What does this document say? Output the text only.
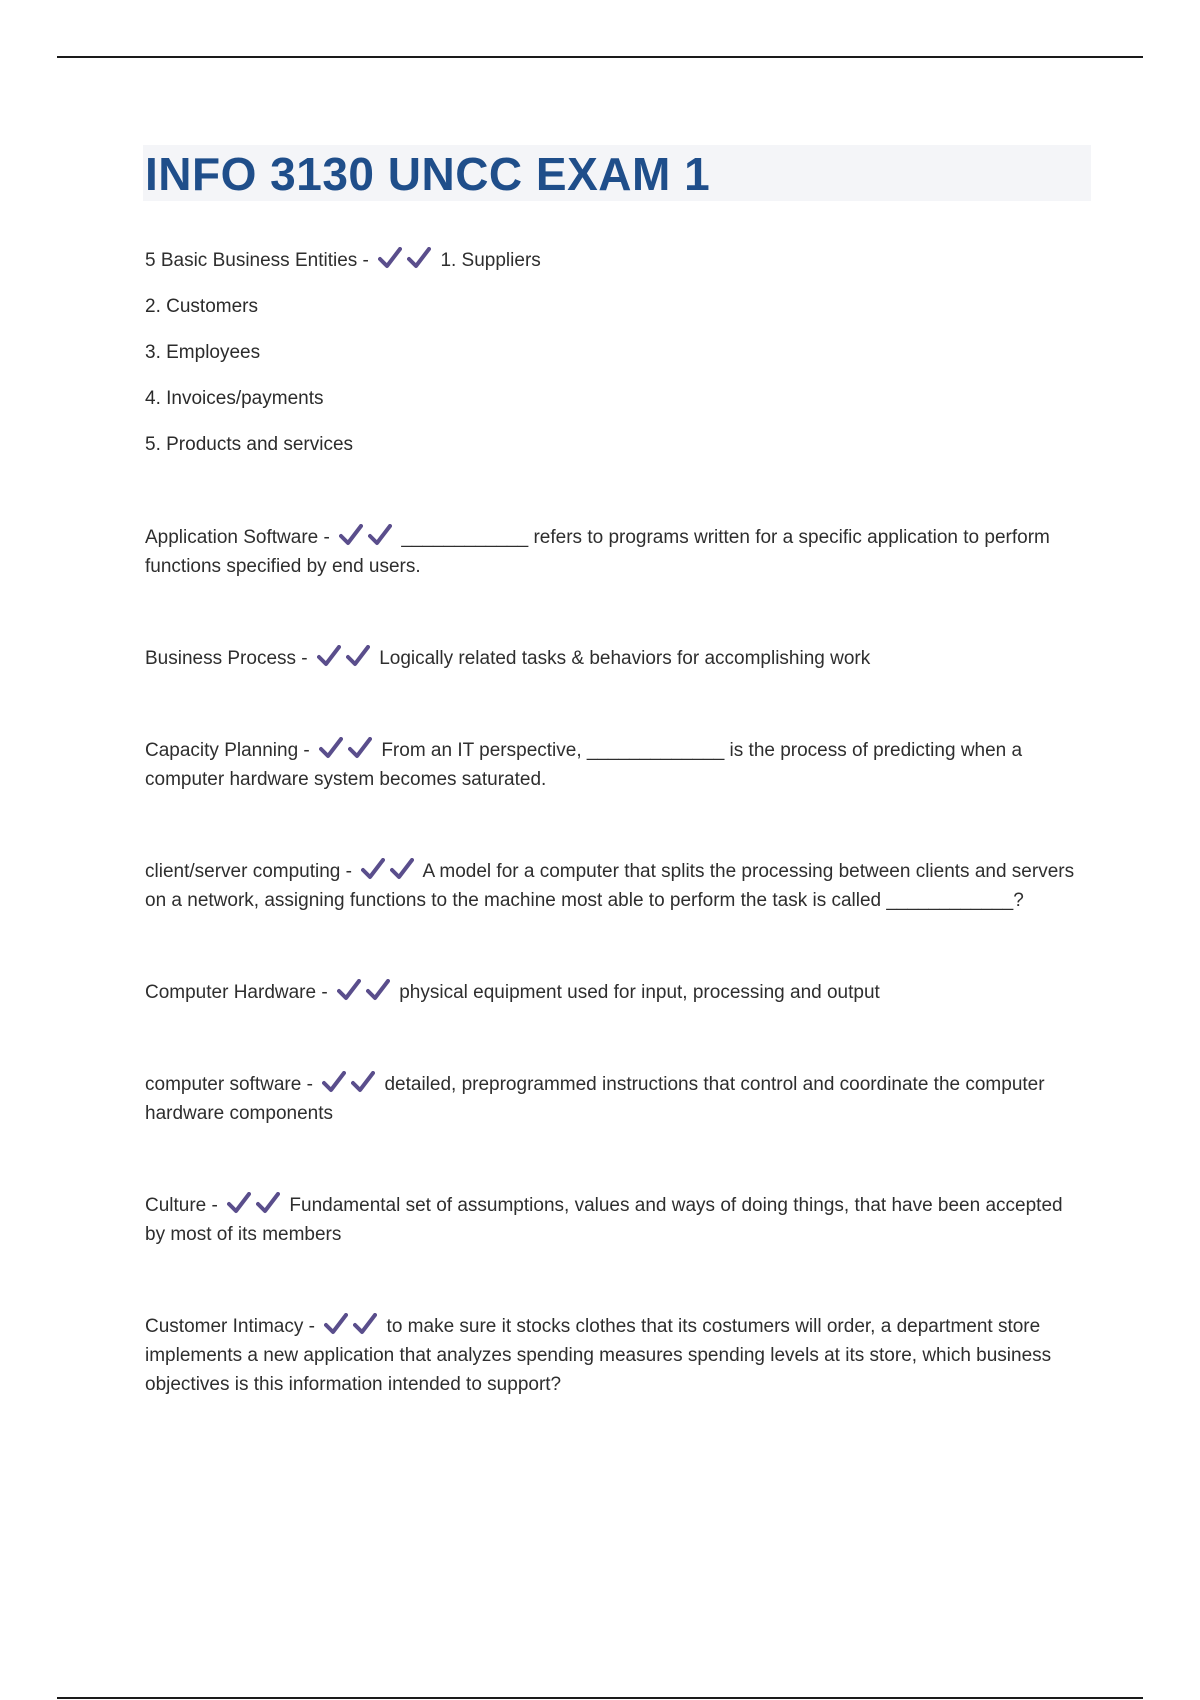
INFO 3130 UNCC EXAM 1
5 Basic Business Entities -	1. Suppliers
2. Customers
3. Employees
4. Invoices/payments
5. Products and services
Application Software -	____________ refers to programs written for a specific application to perform functions specified by end users.
Business Process -	Logically related tasks & behaviors for accomplishing work
Capacity Planning -	From an IT perspective, _____________ is the process of predicting when a computer hardware system becomes saturated.
client/server computing -	A model for a computer that splits the processing between clients and servers on a network, assigning functions to the machine most able to perform the task is called ____________?
Computer Hardware -	physical equipment used for input, processing and output
computer software -	detailed, preprogrammed instructions that control and coordinate the computer hardware components
Culture -	Fundamental set of assumptions, values and ways of doing things, that have been accepted by most of its members
Customer Intimacy -	to make sure it stocks clothes that its costumers will order, a department store implements a new application that analyzes spending measures spending levels at its store, which business objectives is this information intended to support?
